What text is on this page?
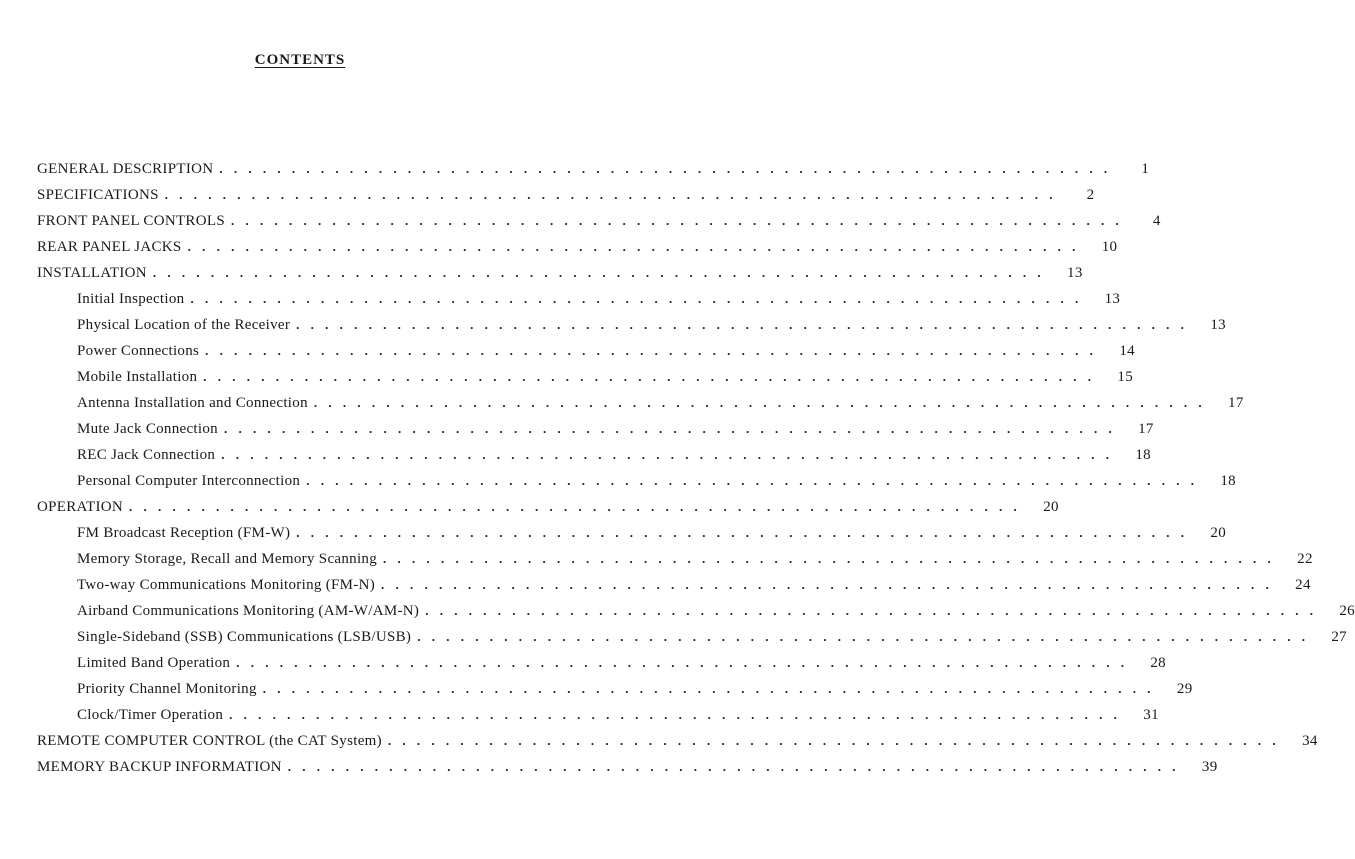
CONTENTS
GENERAL DESCRIPTION . . . . . . . . . . . . . . . . . . . . . . . . . . . . . . . . . . . . . . . . . . . . . . . . . . . . . . . . . . . . . .	1
SPECIFICATIONS . . . . . . . . . . . . . . . . . . . . . . . . . . . . . . . . . . . . . . . . . . . . . . . . . . . . . . . . . . . . . .	2
FRONT PANEL CONTROLS . . . . . . . . . . . . . . . . . . . . . . . . . . . . . . . . . . . . . . . . . . . . . . . . . . . . . . . . . . . . . .	4
REAR PANEL JACKS . . . . . . . . . . . . . . . . . . . . . . . . . . . . . . . . . . . . . . . . . . . . . . . . . . . . . . . . . . . . . .	10
INSTALLATION . . . . . . . . . . . . . . . . . . . . . . . . . . . . . . . . . . . . . . . . . . . . . . . . . . . . . . . . . . . . . .	13
Initial Inspection . . . . . . . . . . . . . . . . . . . . . . . . . . . . . . . . . . . . . . . . . . . . . . . . . . . . . . . . . . . . . .	13
Physical Location of the Receiver . . . . . . . . . . . . . . . . . . . . . . . . . . . . . . . . . . . . . . . . . . . . . . . . . . . . . . . . . . . . . .	13
Power Connections . . . . . . . . . . . . . . . . . . . . . . . . . . . . . . . . . . . . . . . . . . . . . . . . . . . . . . . . . . . . . .	14
Mobile Installation . . . . . . . . . . . . . . . . . . . . . . . . . . . . . . . . . . . . . . . . . . . . . . . . . . . . . . . . . . . . . .	15
Antenna Installation and Connection . . . . . . . . . . . . . . . . . . . . . . . . . . . . . . . . . . . . . . . . . . . . . . . . . . . . . . . . . . . . . .	17
Mute Jack Connection . . . . . . . . . . . . . . . . . . . . . . . . . . . . . . . . . . . . . . . . . . . . . . . . . . . . . . . . . . . . . .	17
REC Jack Connection . . . . . . . . . . . . . . . . . . . . . . . . . . . . . . . . . . . . . . . . . . . . . . . . . . . . . . . . . . . . . .	18
Personal Computer Interconnection . . . . . . . . . . . . . . . . . . . . . . . . . . . . . . . . . . . . . . . . . . . . . . . . . . . . . . . . . . . . . .	18
OPERATION . . . . . . . . . . . . . . . . . . . . . . . . . . . . . . . . . . . . . . . . . . . . . . . . . . . . . . . . . . . . . .	20
FM Broadcast Reception (FM-W) . . . . . . . . . . . . . . . . . . . . . . . . . . . . . . . . . . . . . . . . . . . . . . . . . . . . . . . . . . . . . .	20
Memory Storage, Recall and Memory Scanning . . . . . . . . . . . . . . . . . . . . . . . . . . . . . . . . . . . . . . . . . . . . . . . . . . . . . . . . . . . . . .	22
Two-way Communications Monitoring (FM-N) . . . . . . . . . . . . . . . . . . . . . . . . . . . . . . . . . . . . . . . . . . . . . . . . . . . . . . . . . . . . . .	24
Airband Communications Monitoring (AM-W/AM-N) . . . . . . . . . . . . . . . . . . . . . . . . . . . . . . . . . . . . . . . . . . . . . . . . . . . . . . . . . . . . . .	26
Single-Sideband (SSB) Communications (LSB/USB) . . . . . . . . . . . . . . . . . . . . . . . . . . . . . . . . . . . . . . . . . . . . . . . . . . . . . . . . . . . . . .	27
Limited Band Operation . . . . . . . . . . . . . . . . . . . . . . . . . . . . . . . . . . . . . . . . . . . . . . . . . . . . . . . . . . . . . .	28
Priority Channel Monitoring . . . . . . . . . . . . . . . . . . . . . . . . . . . . . . . . . . . . . . . . . . . . . . . . . . . . . . . . . . . . . .	29
Clock/Timer Operation . . . . . . . . . . . . . . . . . . . . . . . . . . . . . . . . . . . . . . . . . . . . . . . . . . . . . . . . . . . . . .	31
REMOTE COMPUTER CONTROL (the CAT System) . . . . . . . . . . . . . . . . . . . . . . . . . . . . . . . . . . . . . . . . . . . . . . . . . . . . . . . . . . . . . .	34
MEMORY BACKUP INFORMATION . . . . . . . . . . . . . . . . . . . . . . . . . . . . . . . . . . . . . . . . . . . . . . . . . . . . . . . . . . . . . .	39
